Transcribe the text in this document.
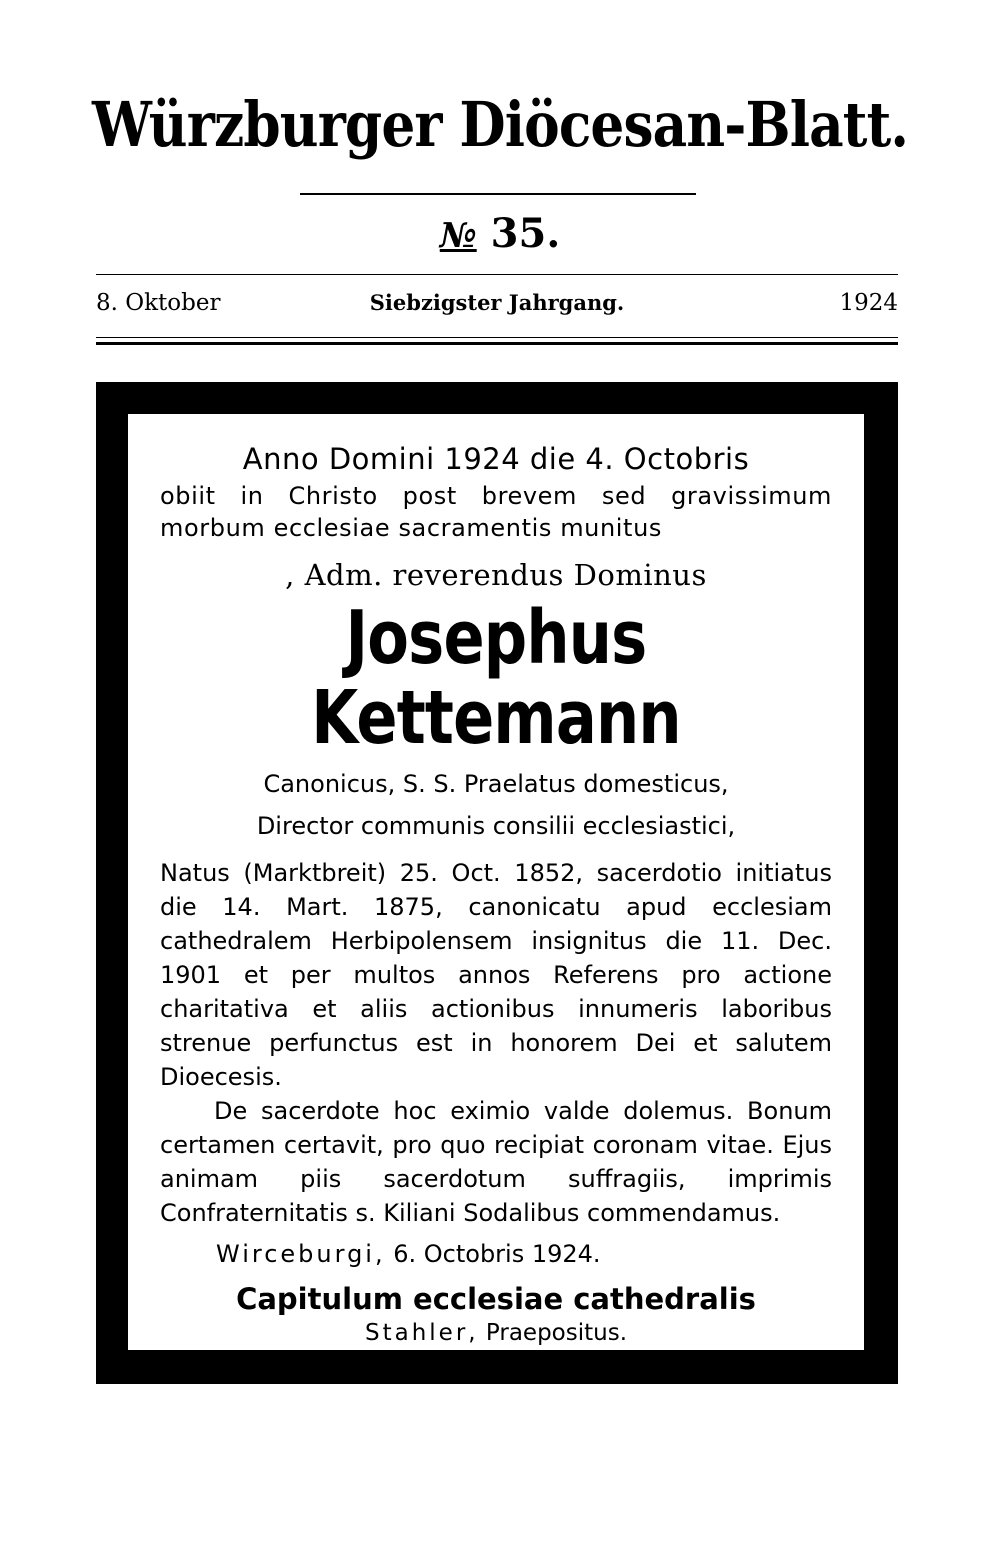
Würzburger Diöcesan-Blatt.
№ 35.
8. Oktober	Siebzigster Jahrgang.	1924
Anno Domini 1924 die 4. Octobris
obiit in Christo post brevem sed gravissimum morbum ecclesiae sacramentis munitus
, Adm. reverendus Dominus
Josephus Kettemann
Canonicus, S. S. Praelatus domesticus,
Director communis consilii ecclesiastici,

Natus (Marktbreit) 25. Oct. 1852, sacerdotio initiatus die 14. Mart. 1875, canonicatu apud ecclesiam cathedralem Herbipolensem insignitus die 11. Dec. 1901 et per multos annos Referens pro actione charitativa et aliis actionibus innumeris laboribus strenue perfunctus est in honorem Dei et salutem Dioecesis.

De sacerdote hoc eximio valde dolemus. Bonum certamen certavit, pro quo recipiat coronam vitae. Ejus animam piis sacerdotum suffragiis, imprimis Confraternitatis s. Kiliani Sodalibus commendamus.

Wirceburgi, 6. Octobris 1924.
Capitulum ecclesiae cathedralis
Stahler, Praepositus.
Meckel, Canonicus.
